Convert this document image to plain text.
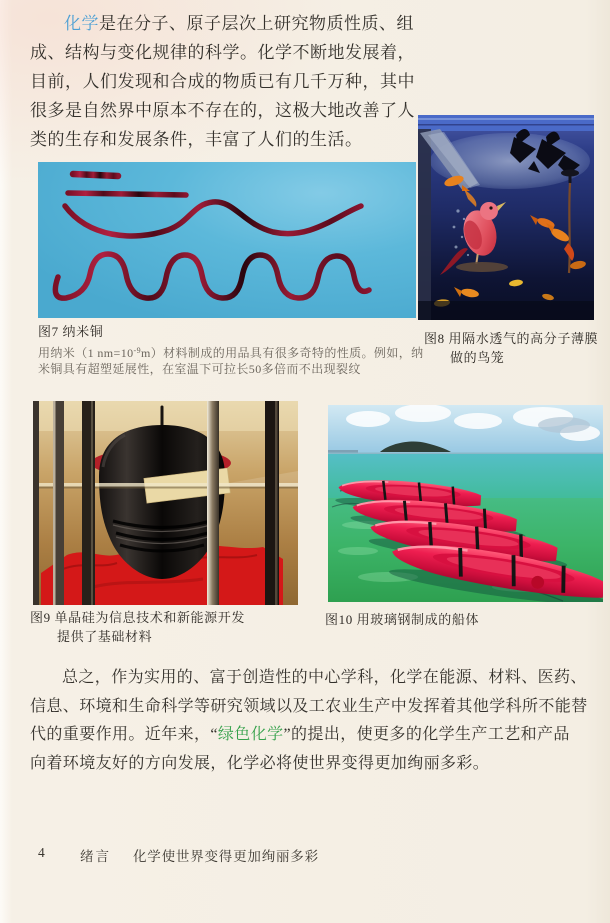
化学是在分子、原子层次上研究物质性质、组
成、结构与变化规律的科学。化学不断地发展着，
目前，人们发现和合成的物质已有几千万种，其中
很多是自然界中原本不存在的，这极大地改善了人
类的生存和发展条件，丰富了人们的生活。
图7 纳米铜
用纳米（1 $nm=10^{-9}m$）材料制成的用品具有很多奇特的性质。例如，纳
米铜具有超塑延展性，在室温下可拉长50多倍而不出现裂纹
图8 用隔水透气的高分子薄膜
做的鸟笼
图9 单晶硅为信息技术和新能源开发
提供了基础材料
图10 用玻璃钢制成的船体
总之，作为实用的、富于创造性的中心学科，化学在能源、材料、医药、
信息、环境和生命科学等研究领域以及工农业生产中发挥着其他学科所不能替
代的重要作用。近年来，“绿色化学”的提出，使更多的化学生产工艺和产品
向着环境友好的方向发展，化学必将使世界变得更加绚丽多彩。
4	绪言 化学使世界变得更加绚丽多彩
